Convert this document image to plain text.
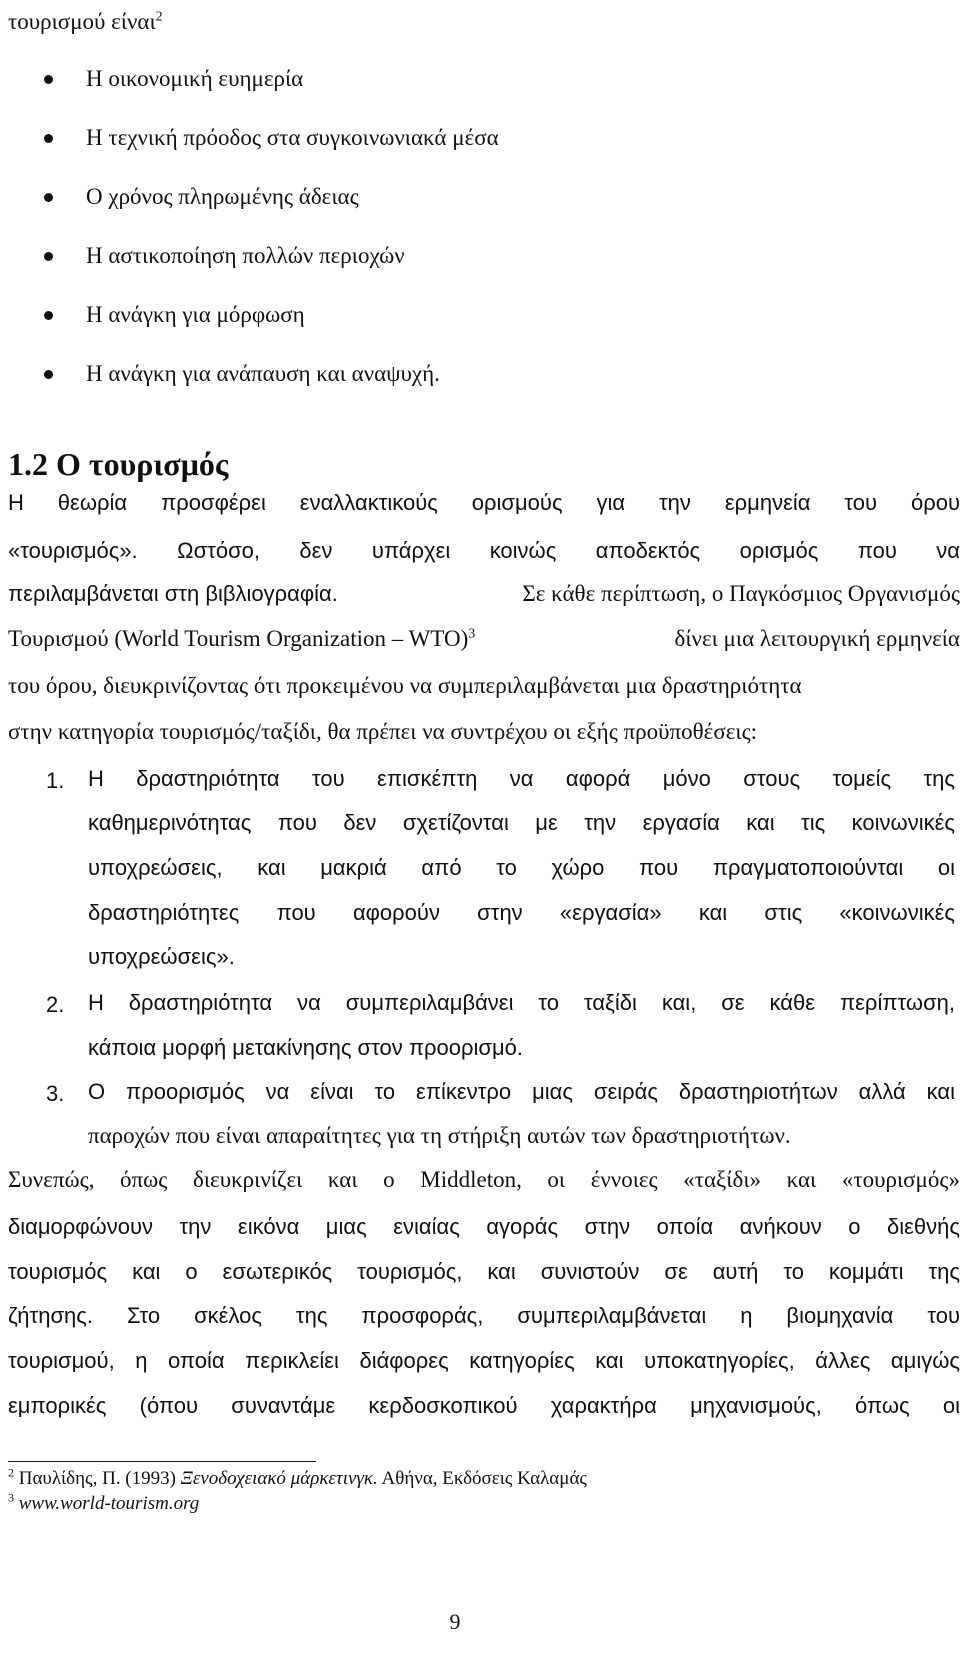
τουρισμού είναι$^2$
Η οικονομική ευημερία
Η τεχνική πρόοδος στα συγκοινωνιακά μέσα
Ο χρόνος πληρωμένης άδειας
Η αστικοποίηση πολλών περιοχών
Η ανάγκη για μόρφωση
Η ανάγκη για ανάπαυση και αναψυχή.
1.2 Ο τουρισμός
Η θεωρία προσφέρει εναλλακτικούς ορισμούς για την ερμηνεία του όρου
«τουρισμός». Ωστόσο, δεν υπάρχει κοινώς αποδεκτός ορισμός που να
περιλαμβάνεται στη βιβλιογραφία.	Σε κάθε περίπτωση, ο Παγκόσμιος Οργανισμός
Τουρισμού (World Tourism Organization – WTO)$^3$	δίνει μια λειτουργική ερμηνεία
του όρου, διευκρινίζοντας ότι προκειμένου να συμπεριλαμβάνεται μια δραστηριότητα
στην κατηγορία τουρισμός/ταξίδι, θα πρέπει να συντρέχου οι εξής προϋποθέσεις:
1. Η δραστηριότητα του επισκέπτη να αφορά μόνο στους τομείς της
καθημερινότητας που δεν σχετίζονται με την εργασία και τις κοινωνικές
υποχρεώσεις, και μακριά από το χώρο που πραγματοποιούνται οι
δραστηριότητες που αφορούν στην «εργασία» και στις «κοινωνικές
υποχρεώσεις».
2. Η δραστηριότητα να συμπεριλαμβάνει το ταξίδι και, σε κάθε περίπτωση,
κάποια μορφή μετακίνησης στον προορισμό.
3. Ο προορισμός να είναι το επίκεντρο μιας σειράς δραστηριοτήτων αλλά και
παροχών που είναι απαραίτητες για τη στήριξη αυτών των δραστηριοτήτων.
Συνεπώς, όπως διευκρινίζει και ο Middleton, οι έννοιες «ταξίδι» και «τουρισμός»
διαμορφώνουν την εικόνα μιας ενιαίας αγοράς στην οποία ανήκουν ο διεθνής
τουρισμός και ο εσωτερικός τουρισμός, και συνιστούν σε αυτή το κομμάτι της
ζήτησης. Στο σκέλος της προσφοράς, συμπεριλαμβάνεται η βιομηχανία του
τουρισμού, η οποία περικλείει διάφορες κατηγορίες και υποκατηγορίες, άλλες αμιγώς
εμπορικές (όπου συναντάμε κερδοσκοπικού χαρακτήρα μηχανισμούς, όπως οι
$^2$ Παυλίδης, Π. (1993) Ξενοδοχειακό μάρκετινγκ. Αθήνα, Εκδόσεις Καλαμάς
$^3$ www.world-tourism.org
9
